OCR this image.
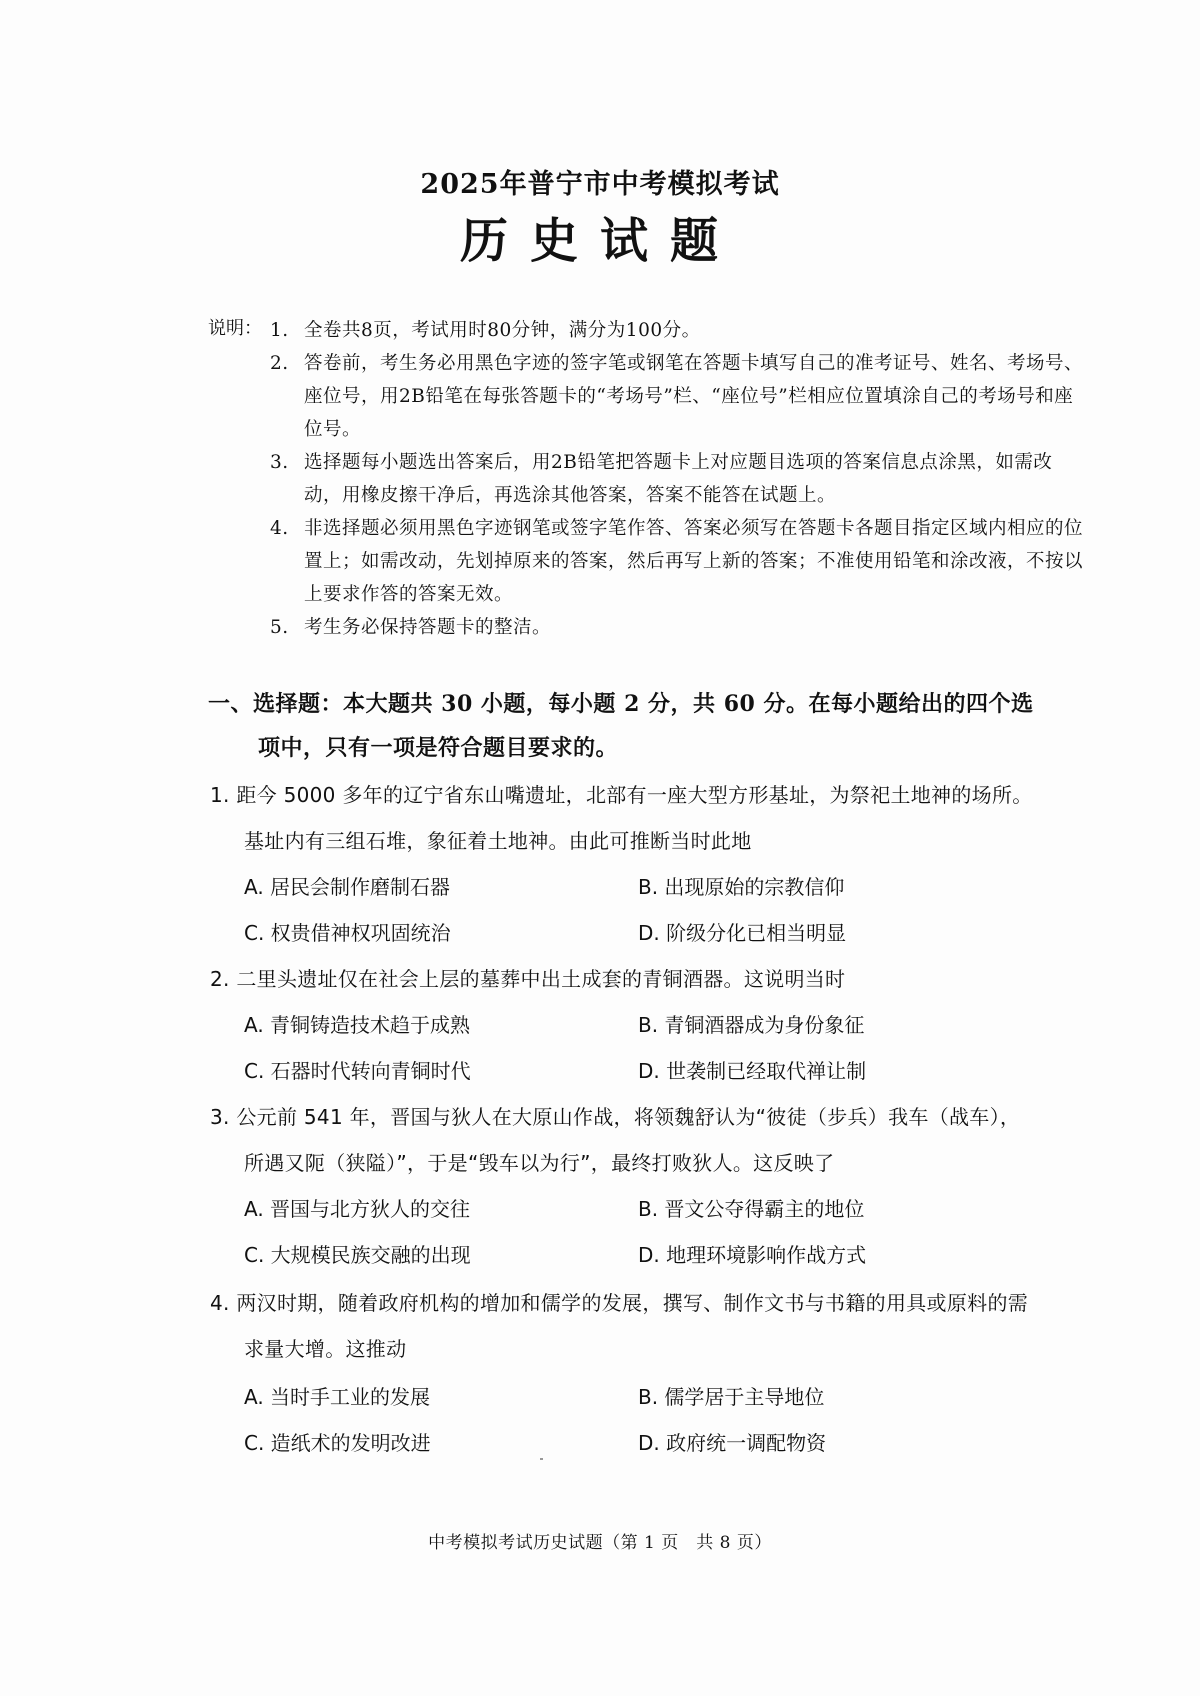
2025年普宁市中考模拟考试
历史试题
说明： 1. 全卷共8页，考试用时80分钟，满分为100分。
2. 答卷前，考生务必用黑色字迹的签字笔或钢笔在答题卡填写自己的准考证号、姓名、考场号、座位号，用2B铅笔在每张答题卡的“考场号”栏、“座位号”栏相应位置填涂自己的考场号和座位号。
3. 选择题每小题选出答案后，用2B铅笔把答题卡上对应题目选项的答案信息点涂黑，如需改动，用橡皮擦干净后，再选涂其他答案，答案不能答在试题上。
4. 非选择题必须用黑色字迹钢笔或签字笔作答、答案必须写在答题卡各题目指定区域内相应的位置上；如需改动，先划掉原来的答案，然后再写上新的答案；不准使用铅笔和涂改液，不按以上要求作答的答案无效。
5. 考生务必保持答题卡的整洁。
一、选择题：本大题共 30 小题，每小题 2 分，共 60 分。在每小题给出的四个选
项中，只有一项是符合题目要求的。
1. 距今 5000 多年的辽宁省东山嘴遗址，北部有一座大型方形基址，为祭祀土地神的场所。
基址内有三组石堆，象征着土地神。由此可推断当时此地
A. 居民会制作磨制石器	B. 出现原始的宗教信仰
C. 权贵借神权巩固统治	D. 阶级分化已相当明显
2. 二里头遗址仅在社会上层的墓葬中出土成套的青铜酒器。这说明当时
A. 青铜铸造技术趋于成熟	B. 青铜酒器成为身份象征
C. 石器时代转向青铜时代	D. 世袭制已经取代禅让制
3. 公元前 541 年，晋国与狄人在大原山作战，将领魏舒认为“彼徒（步兵）我车（战车），
所遇又阨（狭隘）”，于是“毁车以为行”，最终打败狄人。这反映了
A. 晋国与北方狄人的交往	B. 晋文公夺得霸主的地位
C. 大规模民族交融的出现	D. 地理环境影响作战方式
4. 两汉时期，随着政府机构的增加和儒学的发展，撰写、制作文书与书籍的用具或原料的需
求量大增。这推动
A. 当时手工业的发展	B. 儒学居于主导地位
C. 造纸术的发明改进	D. 政府统一调配物资
中考模拟考试历史试题（第 1 页　共 8 页）
